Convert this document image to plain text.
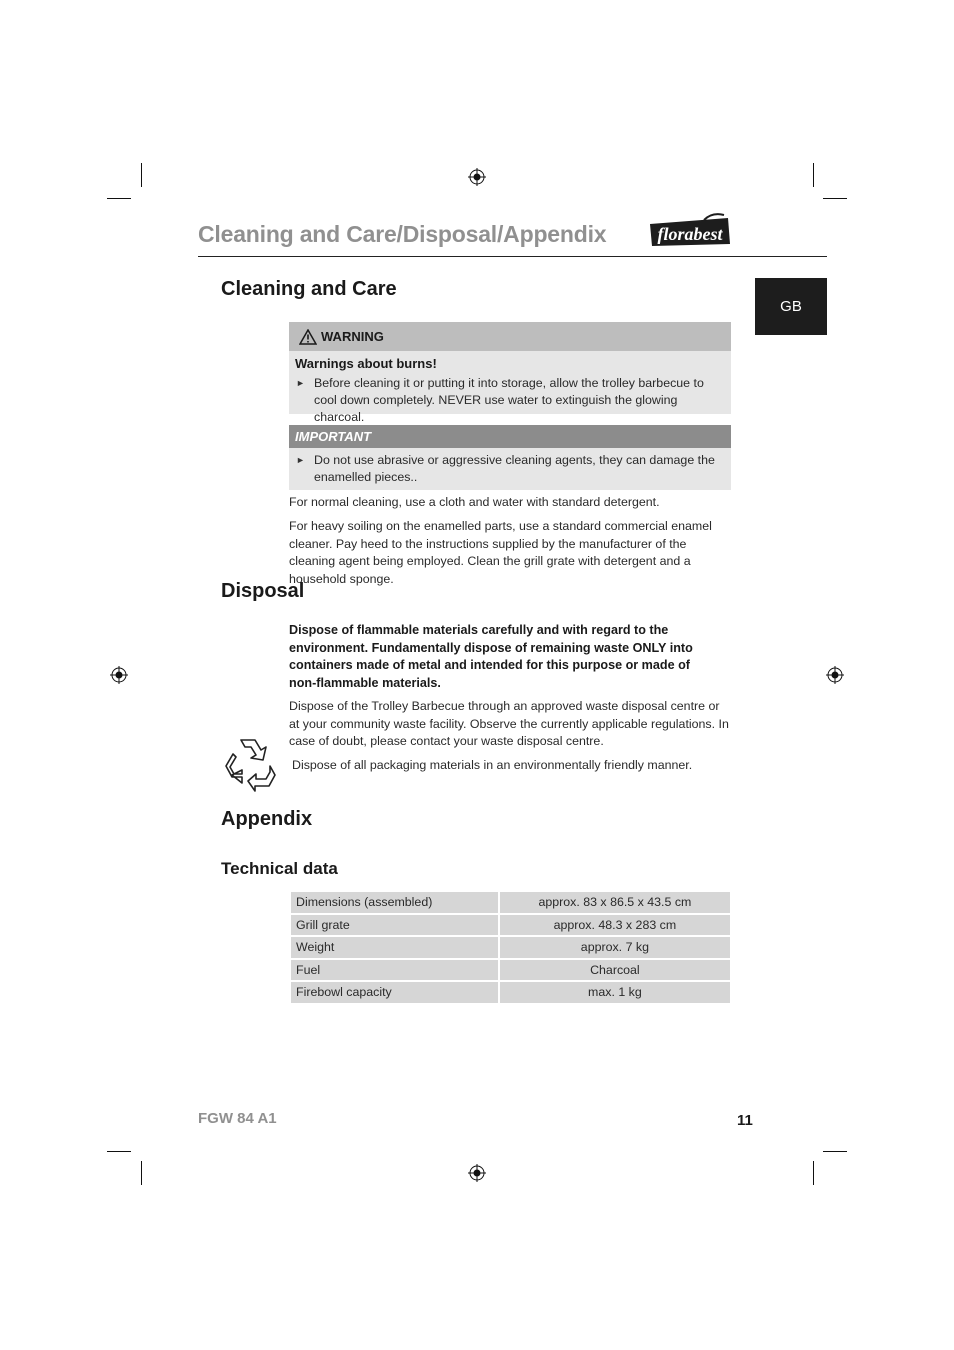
Cleaning and Care/Disposal/Appendix	florabest
GB
Cleaning and Care
WARNING
Warnings about burns!
► Before cleaning it or putting it into storage, allow the trolley barbecue to cool down completely. NEVER use water to extinguish the glowing charcoal.
IMPORTANT
► Do not use abrasive or aggressive cleaning agents, they can damage the enamelled pieces..

For normal cleaning, use a cloth and water with standard detergent.

For heavy soiling on the enamelled parts, use a standard commercial enamel cleaner. Pay heed to the instructions supplied by the manufacturer of the cleaning agent being employed. Clean the grill grate with detergent and a household sponge.

Disposal

Dispose of flammable materials carefully and with regard to the environment. Fundamentally dispose of remaining waste ONLY into containers made of metal and intended for this purpose or made of non-flammable materials.

Dispose of the Trolley Barbecue through an approved waste disposal centre or at your community waste facility. Observe the currently applicable regulations. In case of doubt, please contact your waste disposal centre.

Dispose of all packaging materials in an environmentally friendly manner.

Appendix
Technical data
Dimensions (assembled)	approx. 83 x 86.5 x 43.5 cm
Grill grate	approx. 48.3 x 283 cm
Weight	approx. 7 kg
Fuel	Charcoal
Firebowl capacity	max. 1 kg
FGW 84 A1	11
